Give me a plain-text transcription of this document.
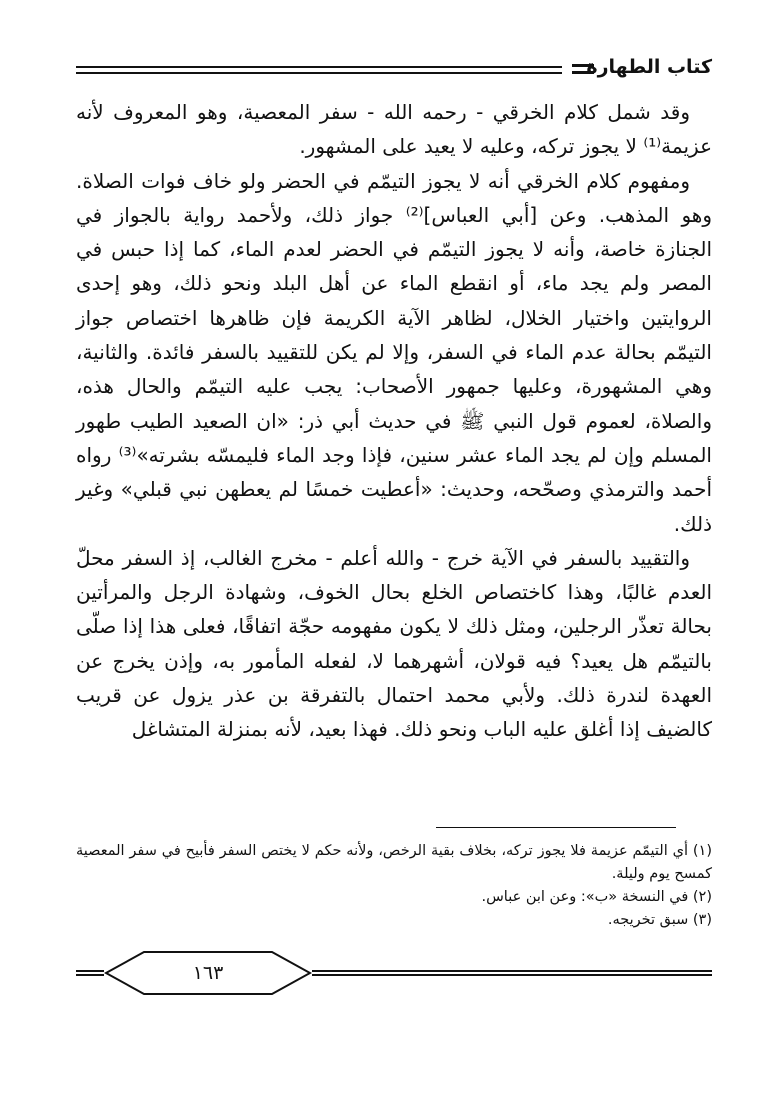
كتاب الطهارة

وقد شمل كلام الخرقي - رحمه الله - سفر المعصية، وهو المعروف لأنه عزيمة⁽¹⁾ لا يجوز تركه، وعليه لا يعيد على المشهور.

ومفهوم كلام الخرقي أنه لا يجوز التيمّم في الحضر ولو خاف فوات الصلاة. وهو المذهب. وعن [أبي العباس]⁽²⁾ جواز ذلك، ولأحمد رواية بالجواز في الجنازة خاصة، وأنه لا يجوز التيمّم في الحضر لعدم الماء، كما إذا حبس في المصر ولم يجد ماء، أو انقطع الماء عن أهل البلد ونحو ذلك، وهو إحدى الروايتين واختيار الخلال، لظاهر الآية الكريمة فإن ظاهرها اختصاص جواز التيمّم بحالة عدم الماء في السفر، وإلا لم يكن للتقييد بالسفر فائدة. والثانية، وهي المشهورة، وعليها جمهور الأصحاب: يجب عليه التيمّم والحال هذه، والصلاة، لعموم قول النبي ﷺ في حديث أبي ذر: «ان الصعيد الطيب طهور المسلم وإن لم يجد الماء عشر سنين، فإذا وجد الماء فليمسّه بشرته»⁽³⁾ رواه أحمد والترمذي وصحّحه، وحديث: «أعطيت خمسًا لم يعطهن نبي قبلي» وغير ذلك.

والتقييد بالسفر في الآية خرج - والله أعلم - مخرج الغالب، إذ السفر محلّ العدم غالبًا، وهذا كاختصاص الخلع بحال الخوف، وشهادة الرجل والمرأتين بحالة تعذّر الرجلين، ومثل ذلك لا يكون مفهومه حجّة اتفاقًا، فعلى هذا إذا صلّى بالتيمّم هل يعيد؟ فيه قولان، أشهرهما لا، لفعله المأمور به، وإذن يخرج عن العهدة لندرة ذلك. ولأبي محمد احتمال بالتفرقة بن عذر يزول عن قريب كالضيف إذا أغلق عليه الباب ونحو ذلك. فهذا بعيد، لأنه بمنزلة المتشاغل

(١) أي التيمّم عزيمة فلا يجوز تركه، بخلاف بقية الرخص، ولأنه حكم لا يختص السفر فأبيح في سفر المعصية كمسح يوم وليلة.

(٢) في النسخة «ب»: وعن ابن عباس.

(٣) سبق تخريجه.

١٦٣
